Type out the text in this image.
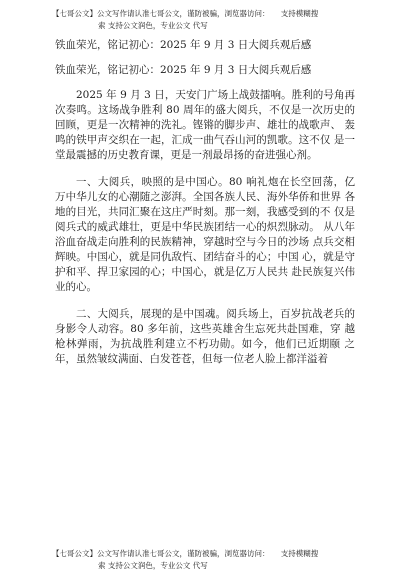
【七哥公文】公文写作请认准七哥公文，谨防被骗，浏览器访问：　　支持模糊搜
索 支持公文润色，专业公文 代写
铁血荣光，铭记初心：2025 年 9 月 3 日大阅兵观后感
铁血荣光，铭记初心：2025 年 9 月 3 日大阅兵观后感

2025 年 9 月 3 日，天安门广场上战鼓擂响。胜利的号角再 次奏鸣。这场战争胜利 80 周年的盛大阅兵，不仅是一次历史的 回顾，更是一次精神的洗礼。铿锵的脚步声、雄壮的战歌声、 轰鸣的铁甲声交织在一起，汇成一曲气吞山河的凯歌。这不仅 是一堂最震撼的历史教育课，更是一剂最昂扬的奋进强心剂。

一、大阅兵，映照的是中国心。80 响礼炮在长空回荡，亿 万中华儿女的心潮随之澎湃。全国各族人民、海外华侨和世界 各地的目光，共同汇聚在这庄严时刻。那一刻，我感受到的不 仅是阅兵式的威武雄壮，更是中华民族团结一心的炽烈脉动。 从八年浴血奋战走向胜利的民族精神，穿越时空与今日的沙场 点兵交相辉映。中国心，就是同仇敌忾、团结奋斗的心；中国 心，就是守护和平、捍卫家园的心；中国心，就是亿万人民共 赴民族复兴伟业的心。

二、大阅兵，展现的是中国魂。阅兵场上，百岁抗战老兵的身影令人动容。80 多年前，这些英雄舍生忘死共赴国难，穿 越枪林弹雨，为抗战胜利建立不朽功勋。如今，他们已近期颐 之年，虽然皱纹满面、白发苍苍，但每一位老人脸上都洋溢着

【七哥公文】公文写作请认准七哥公文，谨防被骗，浏览器访问：　　支持模糊搜
索 支持公文润色，专业公文 代写
